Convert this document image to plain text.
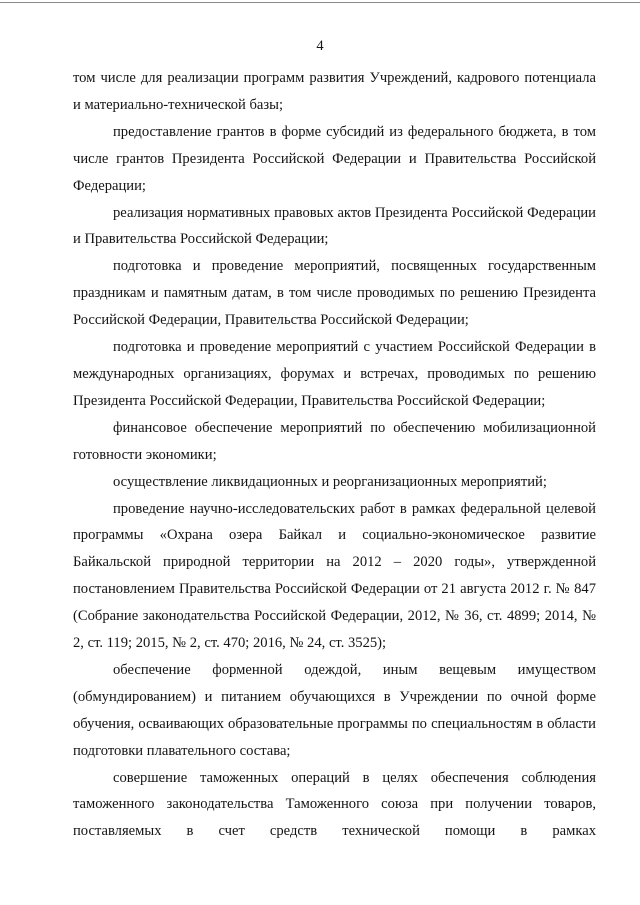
4

том числе для реализации программ развития Учреждений, кадрового потенциала и материально-технической базы;

предоставление грантов в форме субсидий из федерального бюджета, в том числе грантов Президента Российской Федерации и Правительства Российской Федерации;

реализация нормативных правовых актов Президента Российской Федерации и Правительства Российской Федерации;

подготовка и проведение мероприятий, посвященных государственным праздникам и памятным датам, в том числе проводимых по решению Президента Российской Федерации, Правительства Российской Федерации;

подготовка и проведение мероприятий с участием Российской Федерации в международных организациях, форумах и встречах, проводимых по решению Президента Российской Федерации, Правительства Российской Федерации;

финансовое обеспечение мероприятий по обеспечению мобилизационной готовности экономики;

осуществление ликвидационных и реорганизационных мероприятий;

проведение научно-исследовательских работ в рамках федеральной целевой программы «Охрана озера Байкал и социально-экономическое развитие Байкальской природной территории на 2012 – 2020 годы», утвержденной постановлением Правительства Российской Федерации от 21 августа 2012 г. № 847 (Собрание законодательства Российской Федерации, 2012, № 36, ст. 4899; 2014, № 2, ст. 119; 2015, № 2, ст. 470; 2016, № 24, ст. 3525);

обеспечение форменной одеждой, иным вещевым имуществом (обмундированием) и питанием обучающихся в Учреждении по очной форме обучения, осваивающих образовательные программы по специальностям в области подготовки плавательного состава;

совершение таможенных операций в целях обеспечения соблюдения таможенного законодательства Таможенного союза при получении товаров, поставляемых в счет средств технической помощи в рамках
